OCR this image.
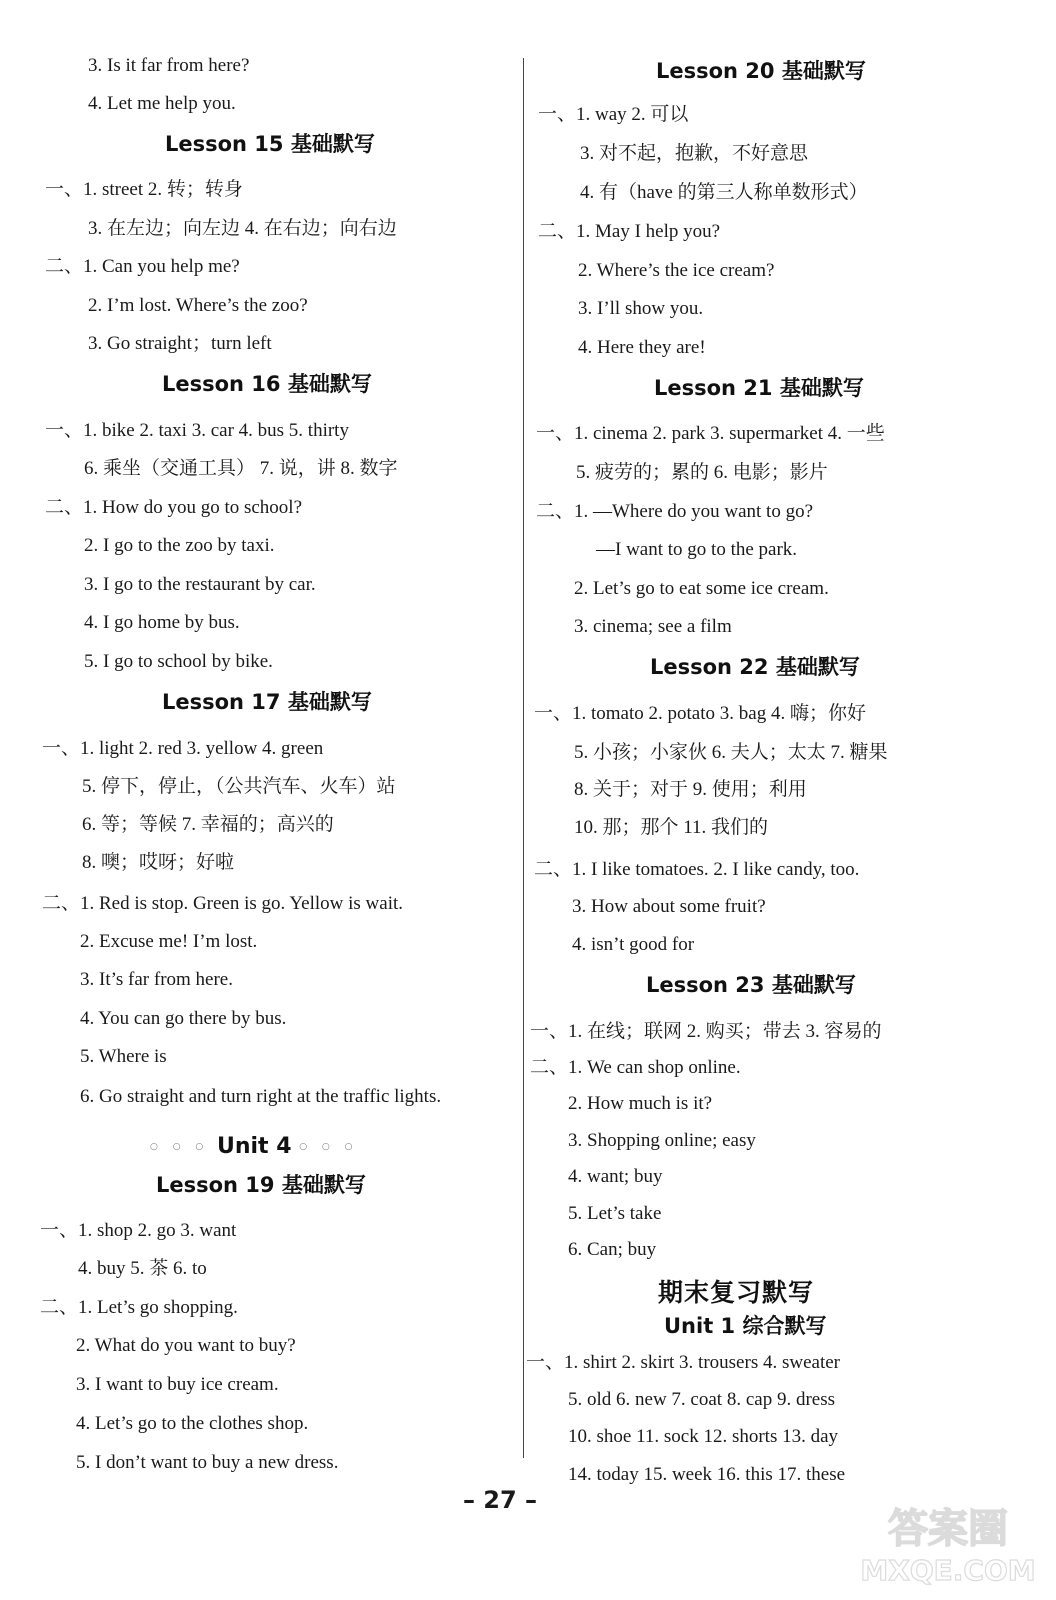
3. Is it far from here?
4. Let me help you.
Lesson 15 基础默写
一、1. street 2. 转；转身
3. 在左边；向左边 4. 在右边；向右边
二、1. Can you help me?
2. I’m lost. Where’s the zoo?
3. Go straight；turn left
Lesson 16 基础默写
一、1. bike 2. taxi 3. car 4. bus 5. thirty
6. 乘坐（交通工具） 7. 说，讲 8. 数字
二、1. How do you go to school?
2. I go to the zoo by taxi.
3. I go to the restaurant by car.
4. I go home by bus.
5. I go to school by bike.
Lesson 17 基础默写
一、1. light 2. red 3. yellow 4. green
5. 停下，停止，（公共汽车、火车）站
6. 等；等候 7. 幸福的；高兴的
8. 噢；哎呀；好啦
二、1. Red is stop. Green is go. Yellow is wait.
2. Excuse me! I’m lost.
3. It’s far from here.
4. You can go there by bus.
5. Where is
6. Go straight and turn right at the traffic lights.
○ ○ ○ Unit 4 ○ ○ ○
Lesson 19 基础默写
一、1. shop 2. go 3. want
4. buy 5. 茶 6. to
二、1. Let’s go shopping.
2. What do you want to buy?
3. I want to buy ice cream.
4. Let’s go to the clothes shop.
5. I don’t want to buy a new dress.
Lesson 20 基础默写
一、1. way 2. 可以
3. 对不起，抱歉，不好意思
4. 有（have 的第三人称单数形式）
二、1. May I help you?
2. Where’s the ice cream?
3. I’ll show you.
4. Here they are!
Lesson 21 基础默写
一、1. cinema 2. park 3. supermarket 4. 一些
5. 疲劳的；累的 6. 电影；影片
二、1. —Where do you want to go?
—I want to go to the park.
2. Let’s go to eat some ice cream.
3. cinema; see a film
Lesson 22 基础默写
一、1. tomato 2. potato 3. bag 4. 嗨；你好
5. 小孩；小家伙 6. 夫人；太太 7. 糖果
8. 关于；对于 9. 使用；利用
10. 那；那个 11. 我们的
二、1. I like tomatoes. 2. I like candy, too.
3. How about some fruit?
4. isn’t good for
Lesson 23 基础默写
一、1. 在线；联网 2. 购买；带去 3. 容易的
二、1. We can shop online.
2. How much is it?
3. Shopping online; easy
4. want; buy
5. Let’s take
6. Can; buy
期末复习默写
Unit 1 综合默写
一、1. shirt 2. skirt 3. trousers 4. sweater
5. old 6. new 7. coat 8. cap 9. dress
10. shoe 11. sock 12. shorts 13. day
14. today 15. week 16. this 17. these
– 27 –
答案圈
MXQE.COM
